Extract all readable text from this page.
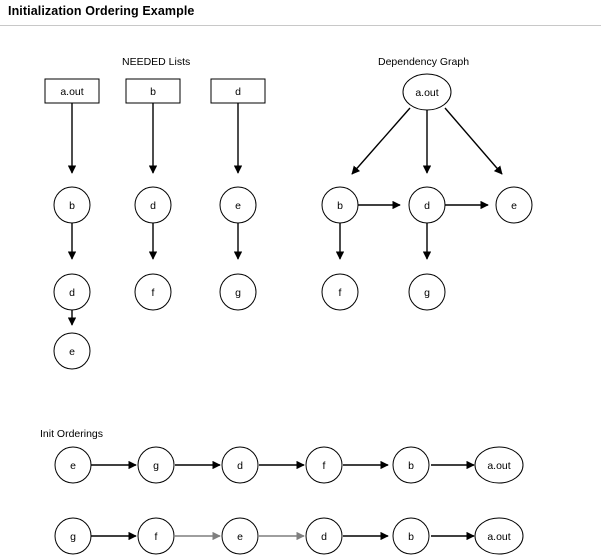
Initialization Ordering Example
NEEDED Lists	Dependency Graph
Init Orderings
a.out
b
d
e
b
d
f
d
e
g
a.out
b	d	e
f	g
e	g	d	f	b	a.out
g	f	e	d	b	a.out
